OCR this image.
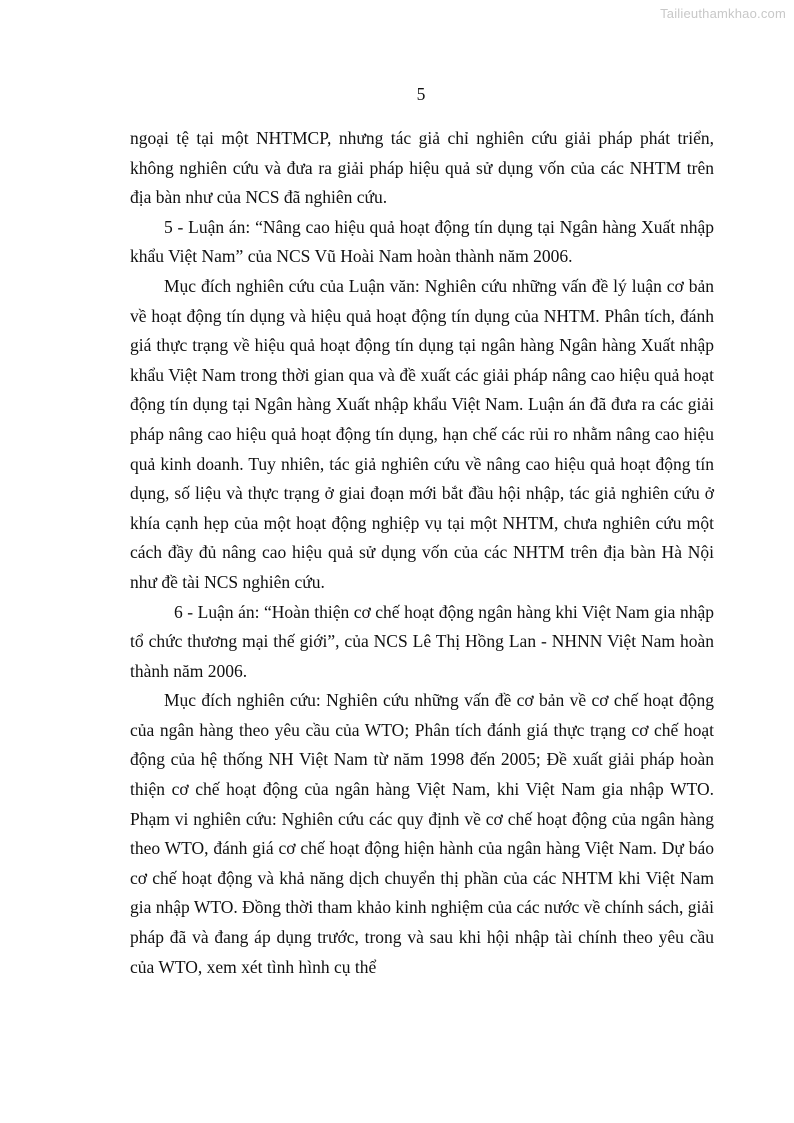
Tailieuthamkhao.com
5

ngoại tệ tại một NHTMCP, nhưng tác giả chỉ nghiên cứu giải pháp phát triển, không nghiên cứu và đưa ra giải pháp hiệu quả sử dụng vốn của các NHTM trên địa bàn như của NCS đã nghiên cứu.

5 - Luận án: “Nâng cao hiệu quả hoạt động tín dụng tại Ngân hàng Xuất nhập khẩu Việt Nam” của NCS Vũ Hoài Nam hoàn thành năm 2006.

Mục đích nghiên cứu của Luận văn: Nghiên cứu những vấn đề lý luận cơ bản về hoạt động tín dụng và hiệu quả hoạt động tín dụng của NHTM. Phân tích, đánh giá thực trạng về hiệu quả hoạt động tín dụng tại ngân hàng Ngân hàng Xuất nhập khẩu Việt Nam trong thời gian qua và đề xuất các giải pháp nâng cao hiệu quả hoạt động tín dụng tại Ngân hàng Xuất nhập khẩu Việt Nam. Luận án đã đưa ra các giải pháp nâng cao hiệu quả hoạt động tín dụng, hạn chế các rủi ro nhằm nâng cao hiệu quả kinh doanh. Tuy nhiên, tác giả nghiên cứu về nâng cao hiệu quả hoạt động tín dụng, số liệu và thực trạng ở giai đoạn mới bắt đầu hội nhập, tác giả nghiên cứu ở khía cạnh hẹp của một hoạt động nghiệp vụ tại một NHTM, chưa nghiên cứu một cách đầy đủ nâng cao hiệu quả sử dụng vốn của các NHTM trên địa bàn Hà Nội như đề tài NCS nghiên cứu.

6 - Luận án: “Hoàn thiện cơ chế hoạt động ngân hàng khi Việt Nam gia nhập tổ chức thương mại thế giới”, của NCS Lê Thị Hồng Lan - NHNN Việt Nam hoàn thành năm 2006.

Mục đích nghiên cứu: Nghiên cứu những vấn đề cơ bản về cơ chế hoạt động của ngân hàng theo yêu cầu của WTO; Phân tích đánh giá thực trạng cơ chế hoạt động của hệ thống NH Việt Nam từ năm 1998 đến 2005; Đề xuất giải pháp hoàn thiện cơ chế hoạt động của ngân hàng Việt Nam, khi Việt Nam gia nhập WTO. Phạm vi nghiên cứu: Nghiên cứu các quy định về cơ chế hoạt động của ngân hàng theo WTO, đánh giá cơ chế hoạt động hiện hành của ngân hàng Việt Nam. Dự báo cơ chế hoạt động và khả năng dịch chuyển thị phần của các NHTM khi Việt Nam gia nhập WTO. Đồng thời tham khảo kinh nghiệm của các nước về chính sách, giải pháp đã và đang áp dụng trước, trong và sau khi hội nhập tài chính theo yêu cầu của WTO, xem xét tình hình cụ thể
